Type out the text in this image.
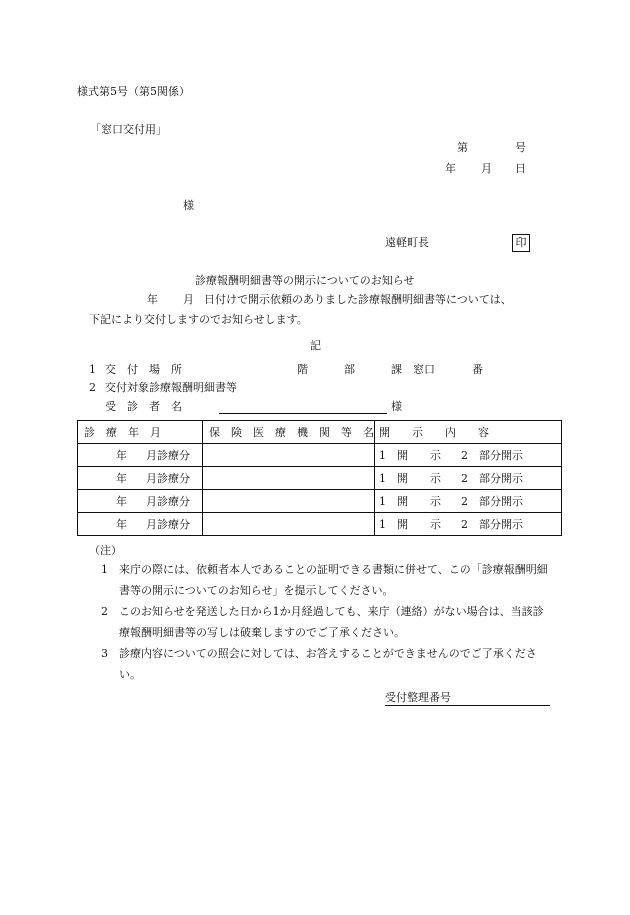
様式第5号（第5関係）
「窓口交付用」
第	号
年 月 日
様
遠軽町長	印
診療報酬明細書等の開示についてのお知らせ
年 月 日付けで開示依頼のありました診療報酬明細書等については、
下記により交付しますのでお知らせします。
記
1 交　付　場　所	階	部	課　窓口	番
2 交付対象診療報酬明細書等
受　診　者　名	様
診　療　年　月	保　険　医　療　機　関　等　名	開　　示　　内　　容
年 月診療分		1　開　　示 2　部分開示
年 月診療分		1　開　　示 2　部分開示
年 月診療分		1　開　　示 2　部分開示
年 月診療分		1　開　　示 2　部分開示
（注）
1 来庁の際には、依頼者本人であることの証明できる書類に併せて、この「診療報酬明細書等の開示についてのお知らせ」を提示してください。
2 このお知らせを発送した日から1か月経過しても、来庁（連絡）がない場合は、当該診療報酬明細書等の写しは破棄しますのでご了承ください。
3 診療内容についての照会に対しては、お答えすることができませんのでご了承ください。
受付整理番号
